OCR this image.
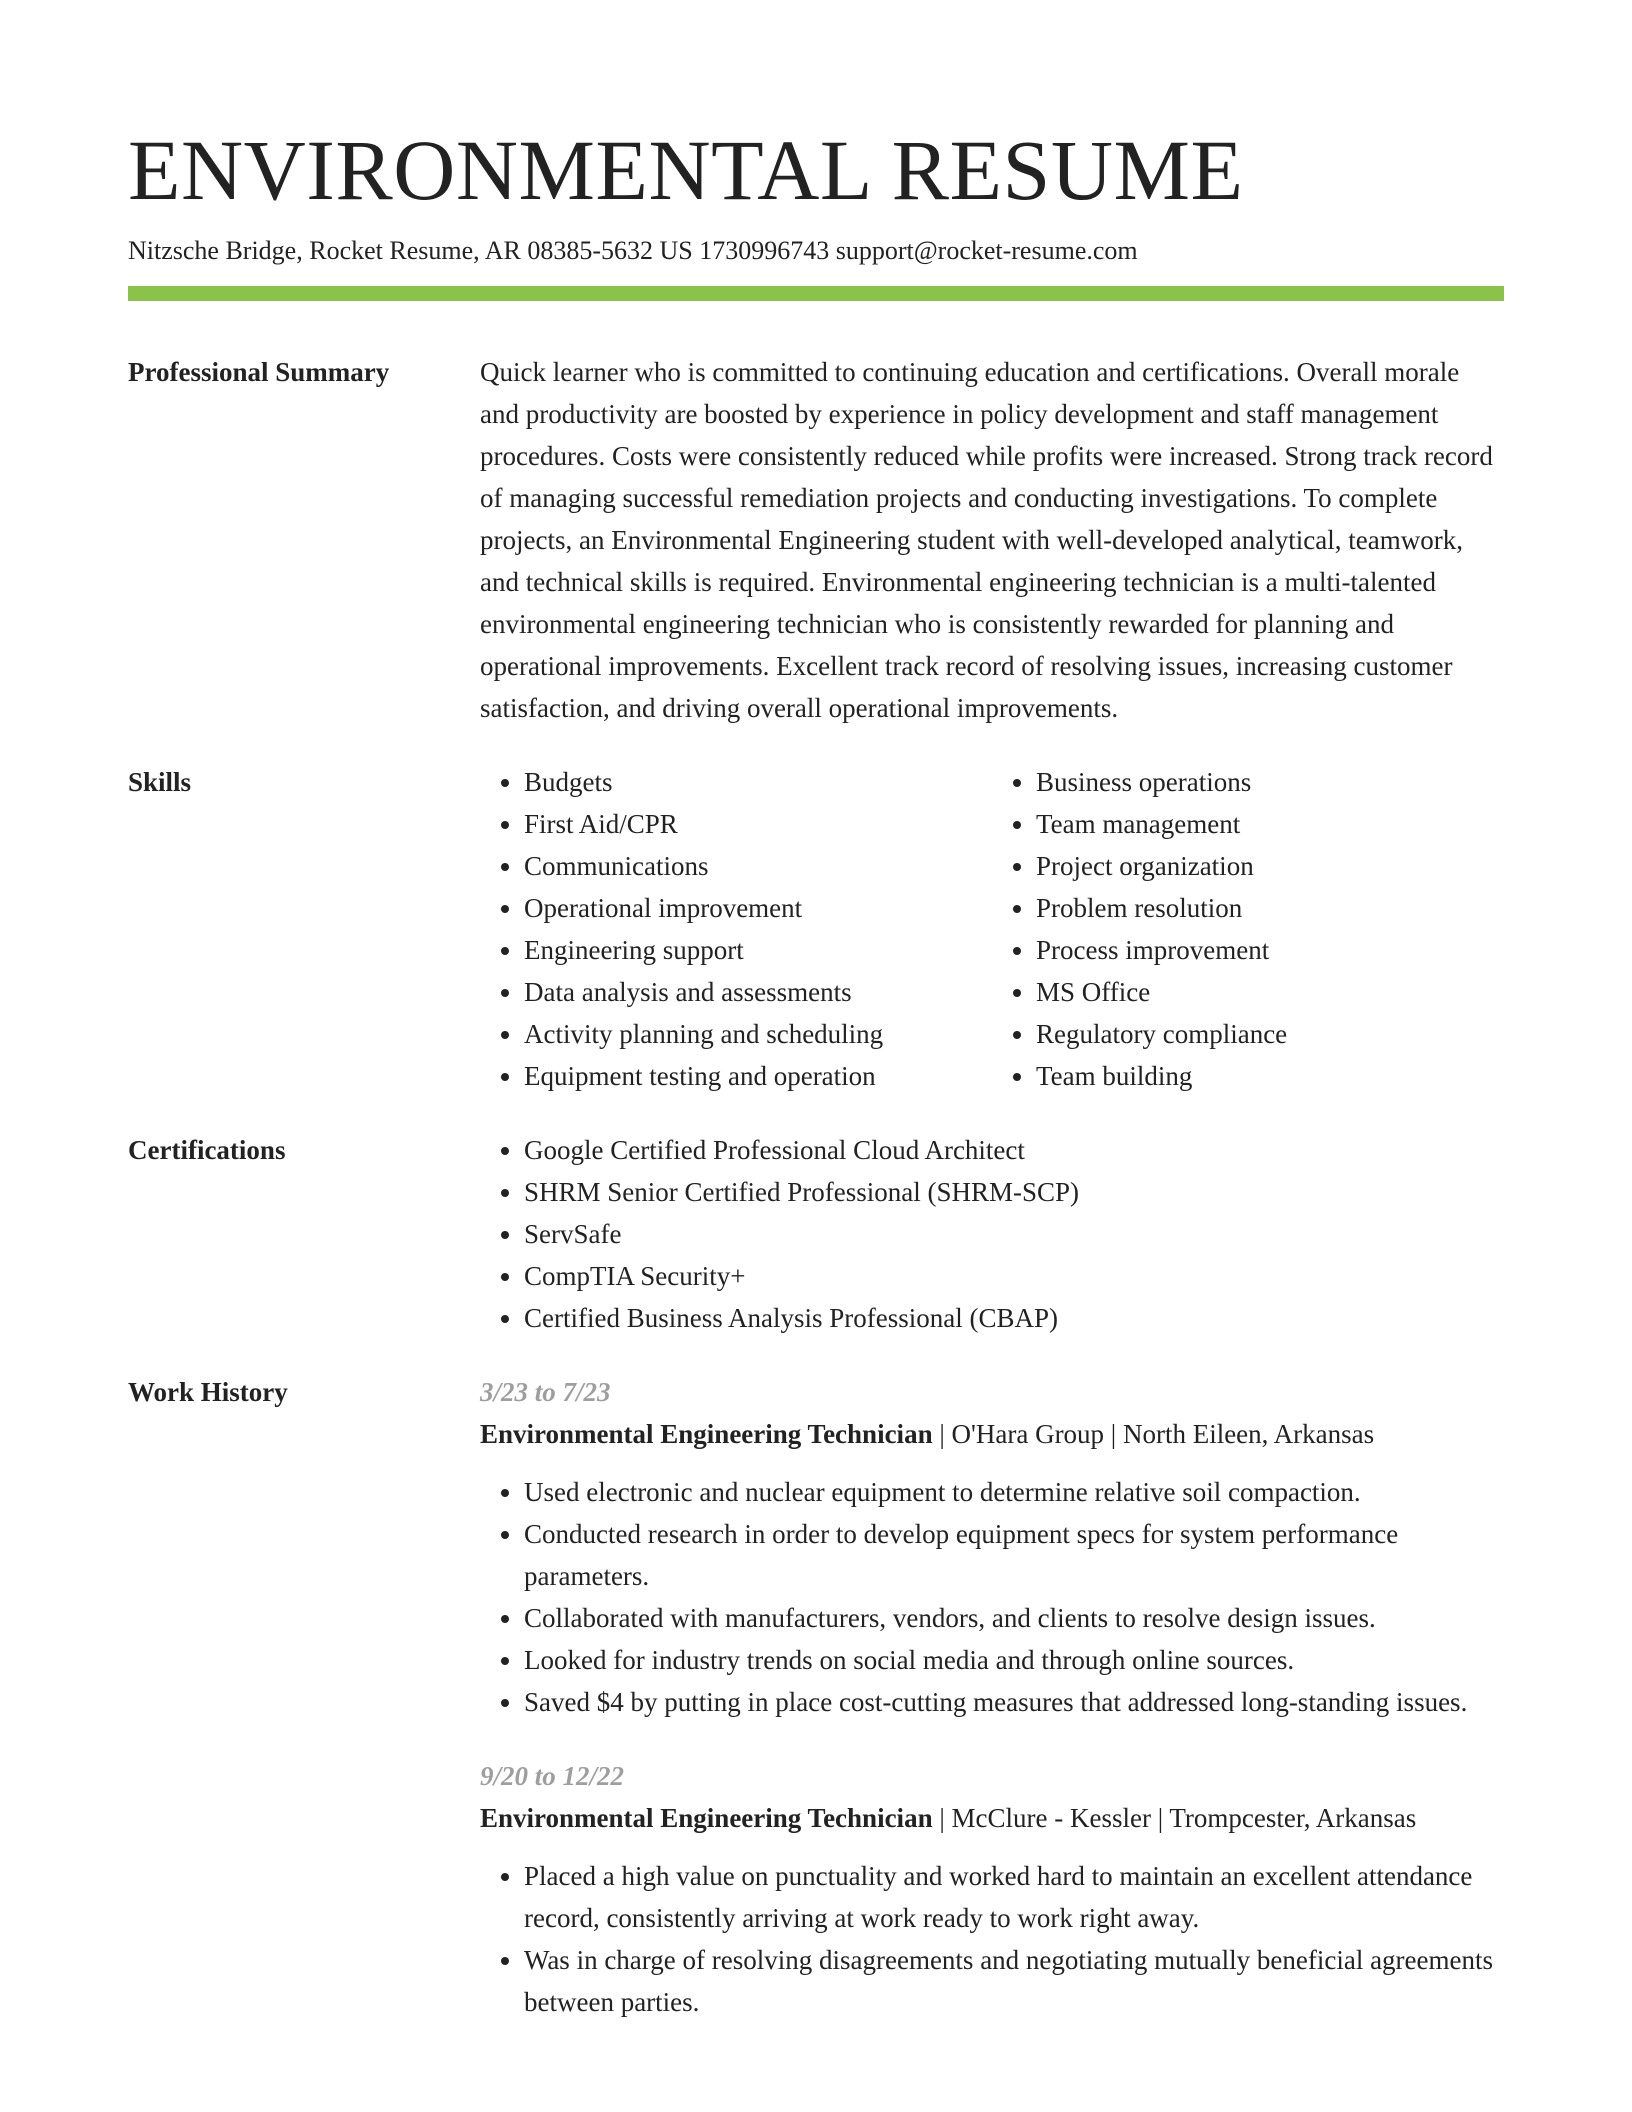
ENVIRONMENTAL RESUME
Nitzsche Bridge, Rocket Resume, AR 08385-5632 US 1730996743 support@rocket-resume.com
Professional Summary	Quick learner who is committed to continuing education and certifications. Overall morale and productivity are boosted by experience in policy development and staff management procedures. Costs were consistently reduced while profits were increased. Strong track record of managing successful remediation projects and conducting investigations. To complete projects, an Environmental Engineering student with well-developed analytical, teamwork, and technical skills is required. Environmental engineering technician is a multi-talented environmental engineering technician who is consistently rewarded for planning and operational improvements. Excellent track record of resolving issues, increasing customer satisfaction, and driving overall operational improvements.
Skills	• Budgets
• First Aid/CPR
• Communications
• Operational improvement
• Engineering support
• Data analysis and assessments
• Activity planning and scheduling
• Equipment testing and operation
• Business operations
• Team management
• Project organization
• Problem resolution
• Process improvement
• MS Office
• Regulatory compliance
• Team building
Certifications	• Google Certified Professional Cloud Architect
• SHRM Senior Certified Professional (SHRM-SCP)
• ServSafe
• CompTIA Security+
• Certified Business Analysis Professional (CBAP)
Work History	3/23 to 7/23
Environmental Engineering Technician | O'Hara Group | North Eileen, Arkansas
• Used electronic and nuclear equipment to determine relative soil compaction.
• Conducted research in order to develop equipment specs for system performance parameters.
• Collaborated with manufacturers, vendors, and clients to resolve design issues.
• Looked for industry trends on social media and through online sources.
• Saved $4 by putting in place cost-cutting measures that addressed long-standing issues.
9/20 to 12/22
Environmental Engineering Technician | McClure - Kessler | Trompcester, Arkansas
• Placed a high value on punctuality and worked hard to maintain an excellent attendance record, consistently arriving at work ready to work right away.
• Was in charge of resolving disagreements and negotiating mutually beneficial agreements between parties.
